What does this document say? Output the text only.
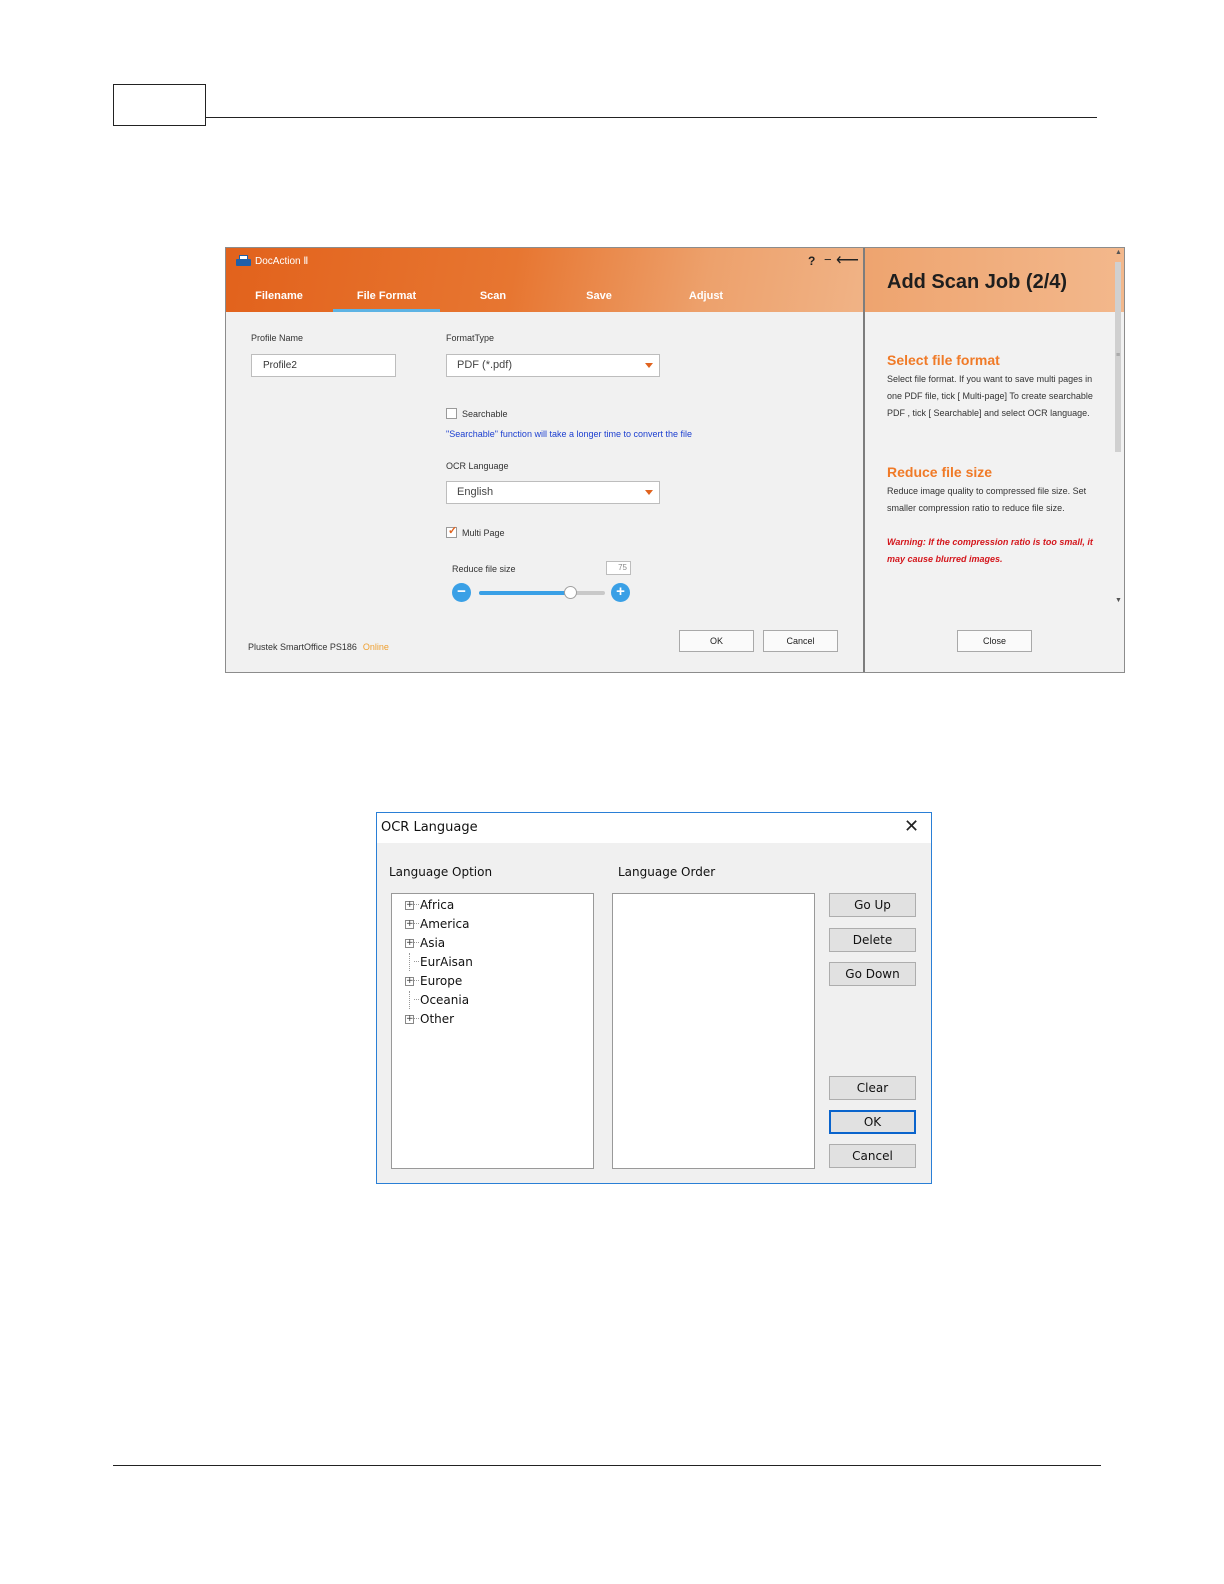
DocAction Ⅱ	? − ⟵
Filename	File Format	Scan	Save	Adjust
Profile Name
Profile2
FormatType
PDF (*.pdf)
Searchable
"Searchable" function will take a longer time to convert the file
OCR Language
English
✓ Multi Page
Reduce file size	75
−	+
Plustek SmartOffice PS186 Online
OK	Cancel
Add Scan Job (2/4)
Select file format
Select file format. If you want to save multi pages in one PDF file, tick [ Multi-page] To create searchable PDF , tick [ Searchable] and select OCR language.
Reduce file size
Reduce image quality to compressed file size. Set smaller compression ratio to reduce file size.
Warning: If the compression ratio is too small, it may cause blurred images.
▲
≡
▼
Close
OCR Language	✕
Language Option	Language Order
+ Africa
+ America
+ Asia
EurAisan
+ Europe
Oceania
+ Other
Go Up
Delete
Go Down
Clear
OK
Cancel
